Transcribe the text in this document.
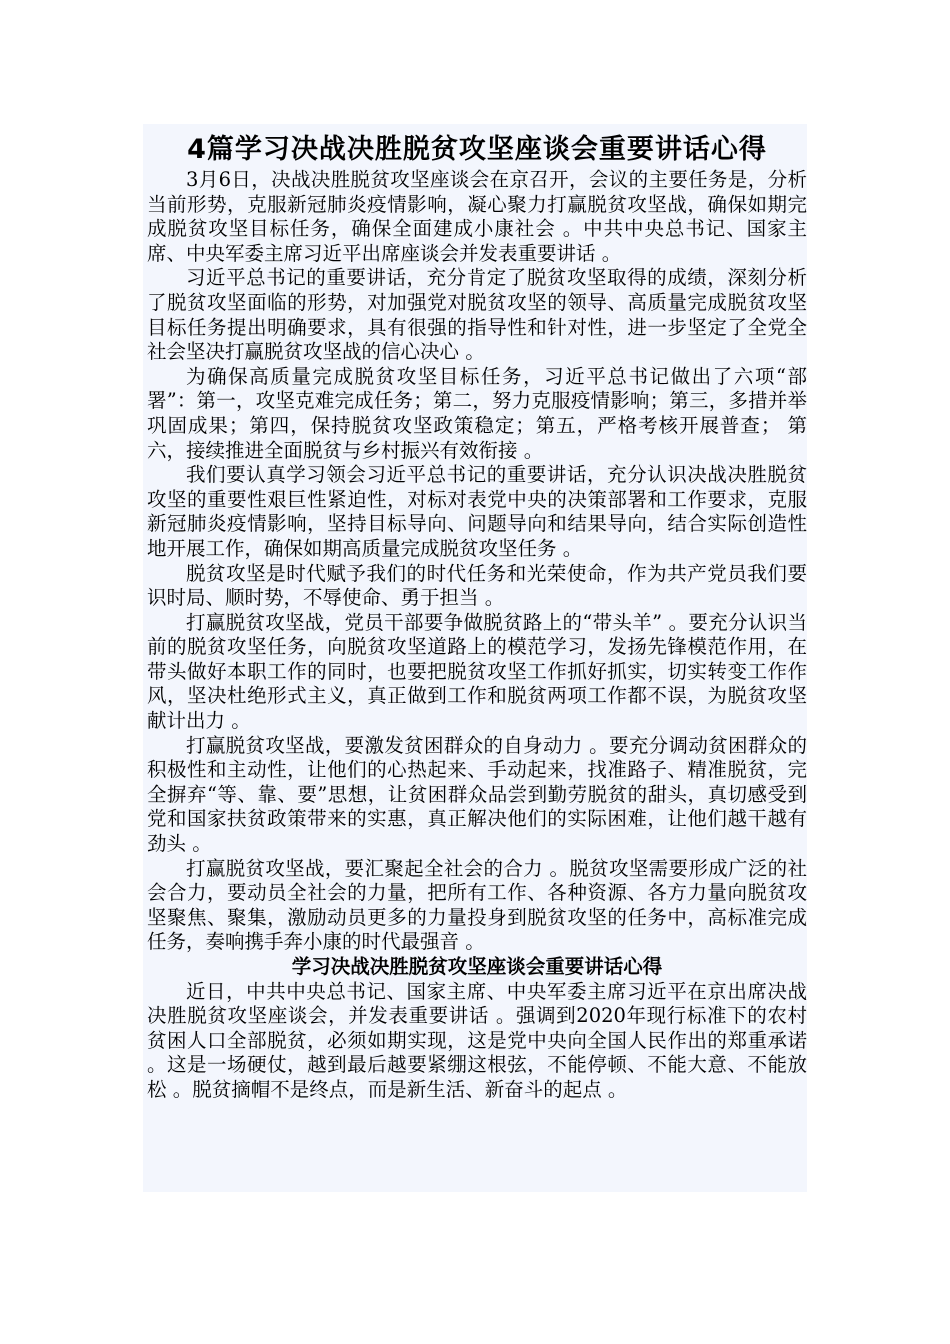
4篇学习决战决胜脱贫攻坚座谈会重要讲话心得

3月6日，决战决胜脱贫攻坚座谈会在京召开，会议的主要任务是，分析当前形势，克服新冠肺炎疫情影响，凝心聚力打赢脱贫攻坚战，确保如期完成脱贫攻坚目标任务，确保全面建成小康社会 。中共中央总书记、国家主席、中央军委主席习近平出席座谈会并发表重要讲话 。

习近平总书记的重要讲话，充分肯定了脱贫攻坚取得的成绩，深刻分析了脱贫攻坚面临的形势，对加强党对脱贫攻坚的领导、高质量完成脱贫攻坚目标任务提出明确要求，具有很强的指导性和针对性，进一步坚定了全党全社会坚决打赢脱贫攻坚战的信心决心 。

为确保高质量完成脱贫攻坚目标任务，习近平总书记做出了六项“部署”：第一，攻坚克难完成任务；第二，努力克服疫情影响；第三，多措并举巩固成果；第四，保持脱贫攻坚政策稳定；第五，严格考核开展普查； 第六，接续推进全面脱贫与乡村振兴有效衔接 。

我们要认真学习领会习近平总书记的重要讲话，充分认识决战决胜脱贫攻坚的重要性艰巨性紧迫性，对标对表党中央的决策部署和工作要求，克服新冠肺炎疫情影响，坚持目标导向、问题导向和结果导向，结合实际创造性地开展工作，确保如期高质量完成脱贫攻坚任务 。

脱贫攻坚是时代赋予我们的时代任务和光荣使命，作为共产党员我们要识时局、顺时势，不辱使命、勇于担当 。

打赢脱贫攻坚战，党员干部要争做脱贫路上的“带头羊” 。要充分认识当前的脱贫攻坚任务，向脱贫攻坚道路上的模范学习，发扬先锋模范作用，在带头做好本职工作的同时，也要把脱贫攻坚工作抓好抓实，切实转变工作作风，坚决杜绝形式主义，真正做到工作和脱贫两项工作都不误，为脱贫攻坚献计出力 。

打赢脱贫攻坚战，要激发贫困群众的自身动力 。要充分调动贫困群众的积极性和主动性，让他们的心热起来、手动起来，找准路子、精准脱贫，完全摒弃“等、靠、要”思想，让贫困群众品尝到勤劳脱贫的甜头，真切感受到党和国家扶贫政策带来的实惠，真正解决他们的实际困难，让他们越干越有劲头 。

打赢脱贫攻坚战，要汇聚起全社会的合力 。脱贫攻坚需要形成广泛的社会合力，要动员全社会的力量，把所有工作、各种资源、各方力量向脱贫攻坚聚焦、聚集，激励动员更多的力量投身到脱贫攻坚的任务中，高标准完成任务，奏响携手奔小康的时代最强音 。

学习决战决胜脱贫攻坚座谈会重要讲话心得

近日，中共中央总书记、国家主席、中央军委主席习近平在京出席决战决胜脱贫攻坚座谈会，并发表重要讲话 。强调到2020年现行标准下的农村贫困人口全部脱贫，必须如期实现，这是党中央向全国人民作出的郑重承诺 。这是一场硬仗，越到最后越要紧绷这根弦，不能停顿、不能大意、不能放松 。脱贫摘帽不是终点，而是新生活、新奋斗的起点 。
